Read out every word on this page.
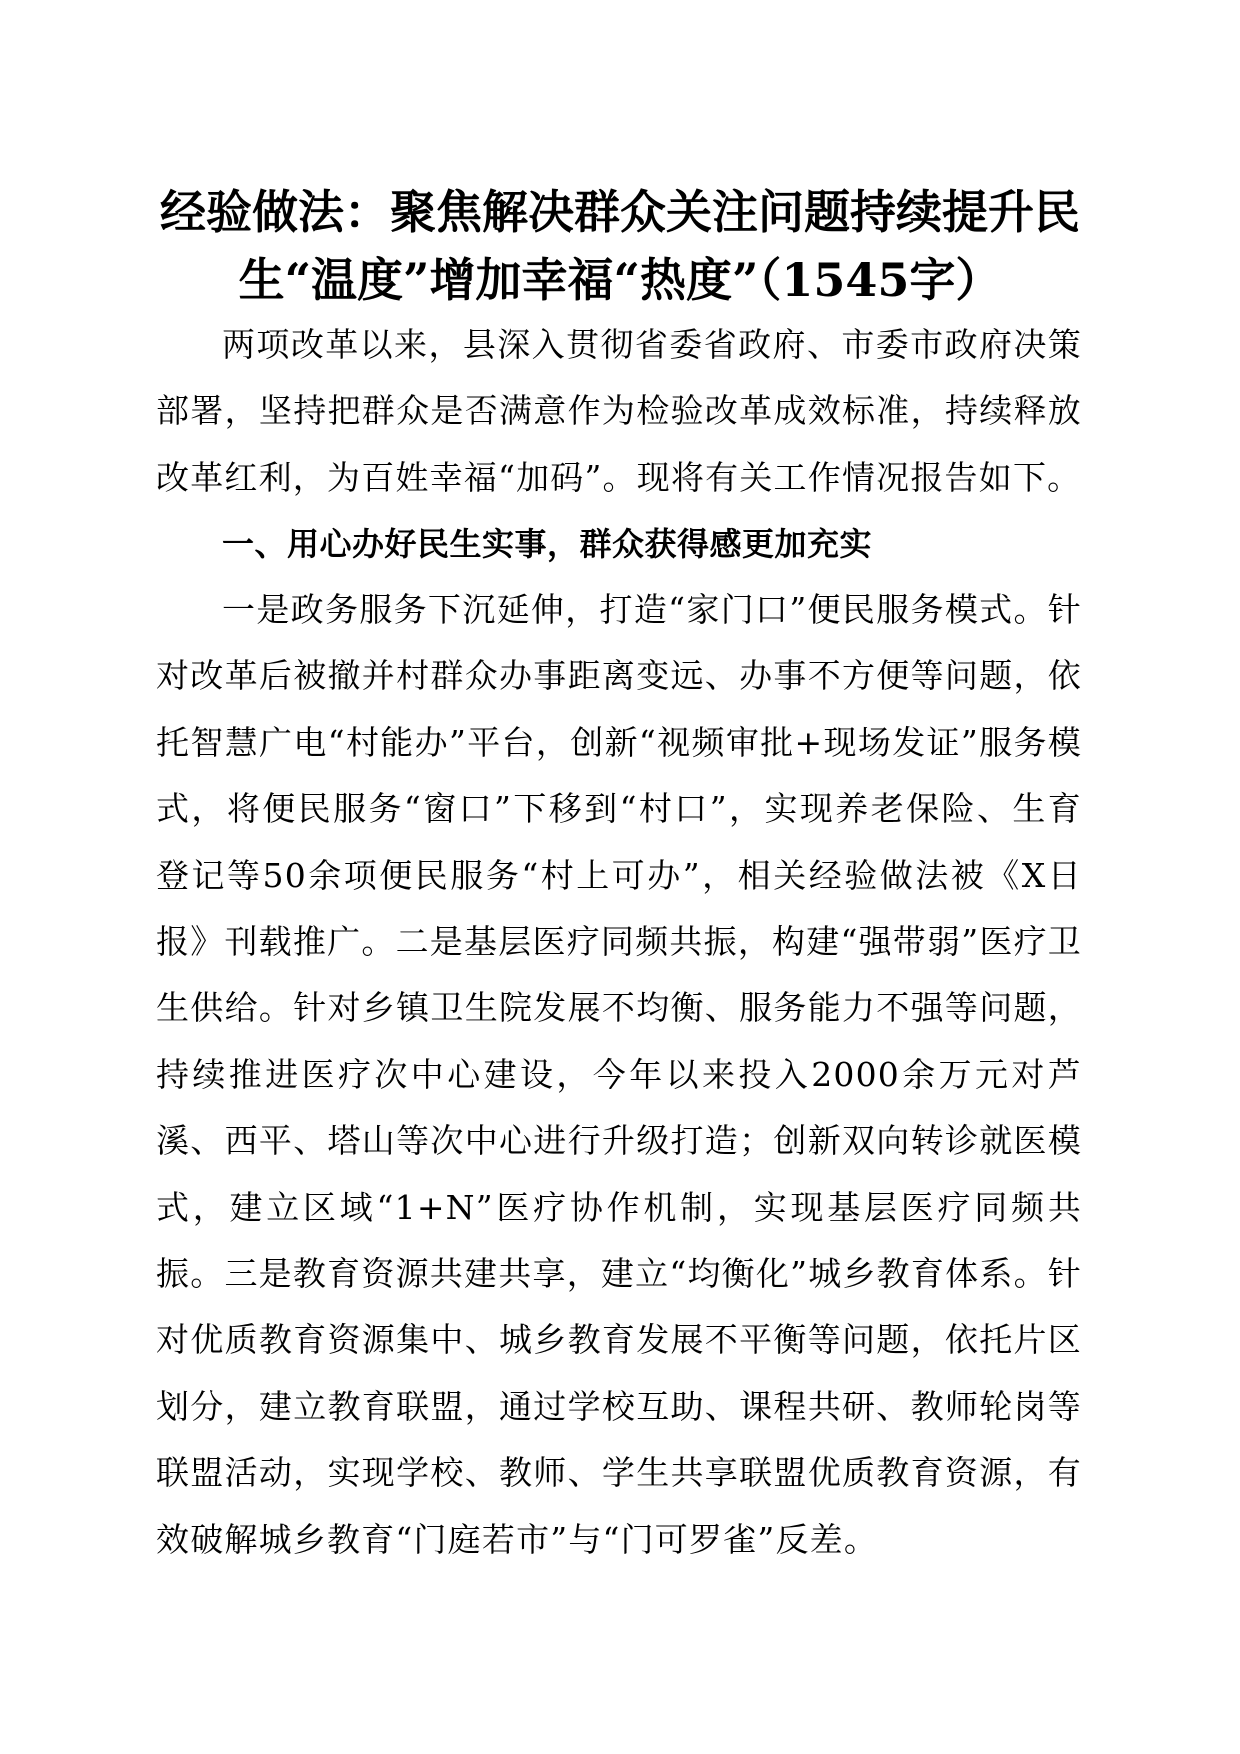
经验做法：聚焦解决群众关注问题持续提升民生“温度”增加幸福“热度”（1545字）

两项改革以来，县深入贯彻省委省政府、市委市政府决策部署，坚持把群众是否满意作为检验改革成效标准，持续释放改革红利，为百姓幸福“加码”。现将有关工作情况报告如下。

一、用心办好民生实事，群众获得感更加充实

一是政务服务下沉延伸，打造“家门口”便民服务模式。针对改革后被撤并村群众办事距离变远、办事不方便等问题，依托智慧广电“村能办”平台，创新“视频审批+现场发证”服务模式，将便民服务“窗口”下移到“村口”，实现养老保险、生育登记等50余项便民服务“村上可办”，相关经验做法被《X日报》刊载推广。二是基层医疗同频共振，构建“强带弱”医疗卫生供给。针对乡镇卫生院发展不均衡、服务能力不强等问题，持续推进医疗次中心建设，今年以来投入2000余万元对芦溪、西平、塔山等次中心进行升级打造；创新双向转诊就医模式，建立区域“1+N”医疗协作机制，实现基层医疗同频共振。三是教育资源共建共享，建立“均衡化”城乡教育体系。针对优质教育资源集中、城乡教育发展不平衡等问题，依托片区划分，建立教育联盟，通过学校互助、课程共研、教师轮岗等联盟活动，实现学校、教师、学生共享联盟优质教育资源，有效破解城乡教育“门庭若市”与“门可罗雀”反差。
